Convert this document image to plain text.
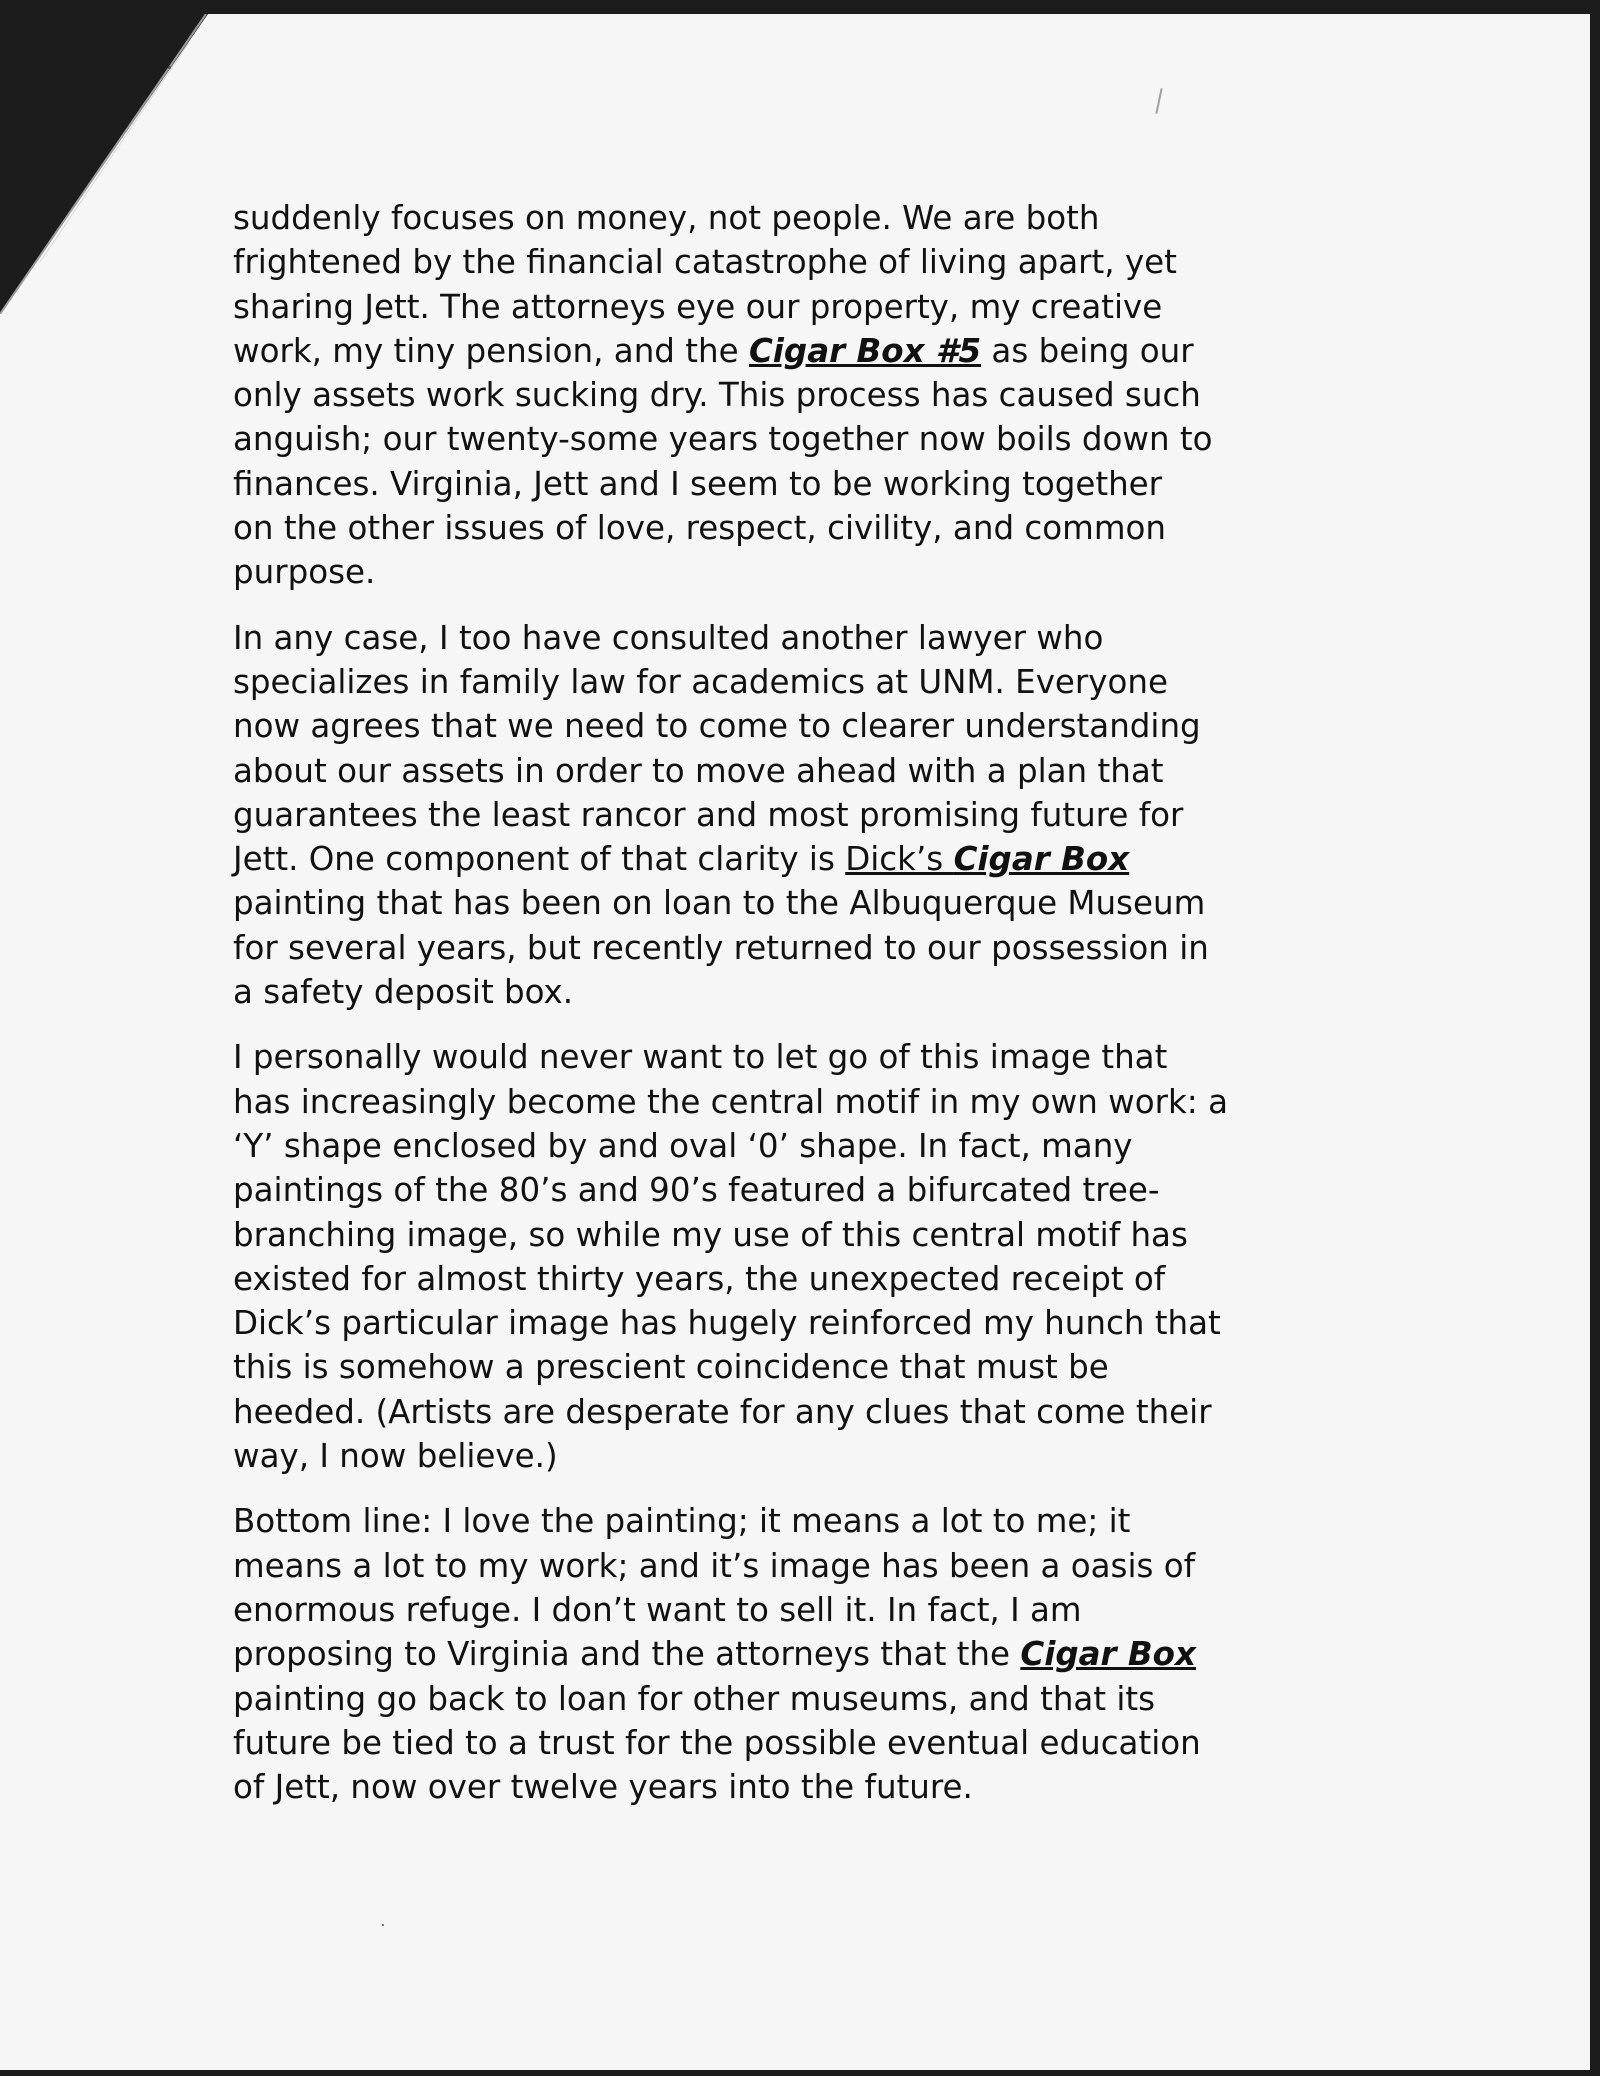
suddenly focuses on money, not people. We are both
frightened by the financial catastrophe of living apart, yet
sharing Jett. The attorneys eye our property, my creative
work, my tiny pension, and the Cigar Box #5 as being our
only assets work sucking dry. This process has caused such
anguish; our twenty-some years together now boils down to
finances. Virginia, Jett and I seem to be working together
on the other issues of love, respect, civility, and common
purpose.
In any case, I too have consulted another lawyer who
specializes in family law for academics at UNM. Everyone
now agrees that we need to come to clearer understanding
about our assets in order to move ahead with a plan that
guarantees the least rancor and most promising future for
Jett. One component of that clarity is Dick’s Cigar Box
painting that has been on loan to the Albuquerque Museum
for several years, but recently returned to our possession in
a safety deposit box.
I personally would never want to let go of this image that
has increasingly become the central motif in my own work: a
‘Y’ shape enclosed by and oval ‘0’ shape. In fact, many
paintings of the 80’s and 90’s featured a bifurcated tree-
branching image, so while my use of this central motif has
existed for almost thirty years, the unexpected receipt of
Dick’s particular image has hugely reinforced my hunch that
this is somehow a prescient coincidence that must be
heeded. (Artists are desperate for any clues that come their
way, I now believe.)
Bottom line: I love the painting; it means a lot to me; it
means a lot to my work; and it’s image has been a oasis of
enormous refuge. I don’t want to sell it. In fact, I am
proposing to Virginia and the attorneys that the Cigar Box
painting go back to loan for other museums, and that its
future be tied to a trust for the possible eventual education
of Jett, now over twelve years into the future.
